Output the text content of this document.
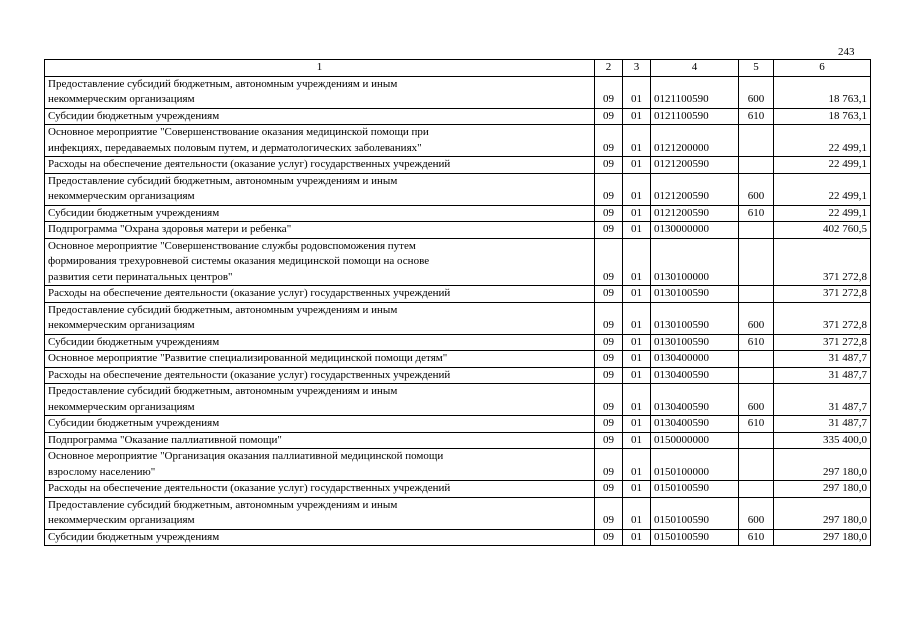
243
1	2	3	4	5	6
Предоставление субсидий бюджетным, автономным учреждениям и иным
некоммерческим организациям	09	01	0121100590	600	18 763,1
Субсидии бюджетным учреждениям	09	01	0121100590	610	18 763,1
Основное мероприятие "Совершенствование оказания медицинской помощи при
инфекциях, передаваемых половым путем, и дерматологических заболеваниях"	09	01	0121200000		22 499,1
Расходы на обеспечение деятельности (оказание услуг) государственных учреждений	09	01	0121200590		22 499,1
Предоставление субсидий бюджетным, автономным учреждениям и иным
некоммерческим организациям	09	01	0121200590	600	22 499,1
Субсидии бюджетным учреждениям	09	01	0121200590	610	22 499,1
Подпрограмма "Охрана здоровья матери и ребенка"	09	01	0130000000		402 760,5
Основное мероприятие "Совершенствование службы родовспоможения путем
формирования трехуровневой системы оказания медицинской помощи на основе
развития сети перинатальных центров"	09	01	0130100000		371 272,8
Расходы на обеспечение деятельности (оказание услуг) государственных учреждений	09	01	0130100590		371 272,8
Предоставление субсидий бюджетным, автономным учреждениям и иным
некоммерческим организациям	09	01	0130100590	600	371 272,8
Субсидии бюджетным учреждениям	09	01	0130100590	610	371 272,8
Основное мероприятие "Развитие специализированной медицинской помощи детям"	09	01	0130400000		31 487,7
Расходы на обеспечение деятельности (оказание услуг) государственных учреждений	09	01	0130400590		31 487,7
Предоставление субсидий бюджетным, автономным учреждениям и иным
некоммерческим организациям	09	01	0130400590	600	31 487,7
Субсидии бюджетным учреждениям	09	01	0130400590	610	31 487,7
Подпрограмма "Оказание паллиативной помощи"	09	01	0150000000		335 400,0
Основное мероприятие "Организация оказания паллиативной медицинской помощи
взрослому населению"	09	01	0150100000		297 180,0
Расходы на обеспечение деятельности (оказание услуг) государственных учреждений	09	01	0150100590		297 180,0
Предоставление субсидий бюджетным, автономным учреждениям и иным
некоммерческим организациям	09	01	0150100590	600	297 180,0
Субсидии бюджетным учреждениям	09	01	0150100590	610	297 180,0
